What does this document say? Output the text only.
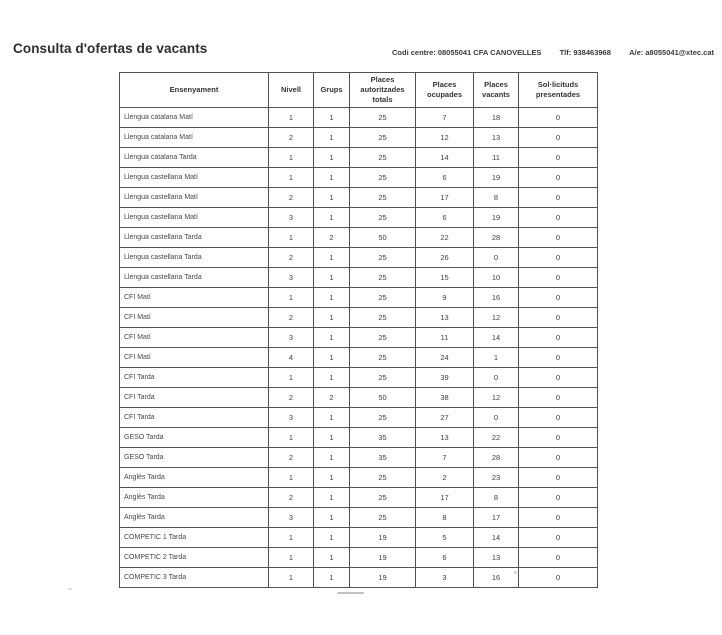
Consulta d'ofertas de vacants	Codi centre: 08055041 CFA CANOVELLES Tlf: 938463968 A/e: a8055041@xtec.cat
Ensenyament	Nivell	Grups	Places autoritzades totals	Places ocupades	Places vacants	Sol·licituds presentades
Llengua catalana Matí	1	1	25	7	18	0
Llengua catalana Matí	2	1	25	12	13	0
Llengua catalana Tarda	1	1	25	14	11	0
Llengua castellana Matí	1	1	25	6	19	0
Llengua castellana Matí	2	1	25	17	8	0
Llengua castellana Matí	3	1	25	6	19	0
Llengua castellana Tarda	1	2	50	22	28	0
Llengua castellana Tarda	2	1	25	26	0	0
Llengua castellana Tarda	3	1	25	15	10	0
CFI Matí	1	1	25	9	16	0
CFI Matí	2	1	25	13	12	0
CFI Matí	3	1	25	11	14	0
CFI Matí	4	1	25	24	1	0
CFI Tarda	1	1	25	39	0	0
CFI Tarda	2	2	50	38	12	0
CFI Tarda	3	1	25	27	0	0
GESO Tarda	1	1	35	13	22	0
GESO Tarda	2	1	35	7	28	0
Anglès Tarda	1	1	25	2	23	0
Anglès Tarda	2	1	25	17	8	0
Anglès Tarda	3	1	25	8	17	0
COMPETIC 1 Tarda	1	1	19	5	14	0
COMPETIC 2 Tarda	1	1	19	6	13	0
COMPETIC 3 Tarda	1	1	19	3	16	0
